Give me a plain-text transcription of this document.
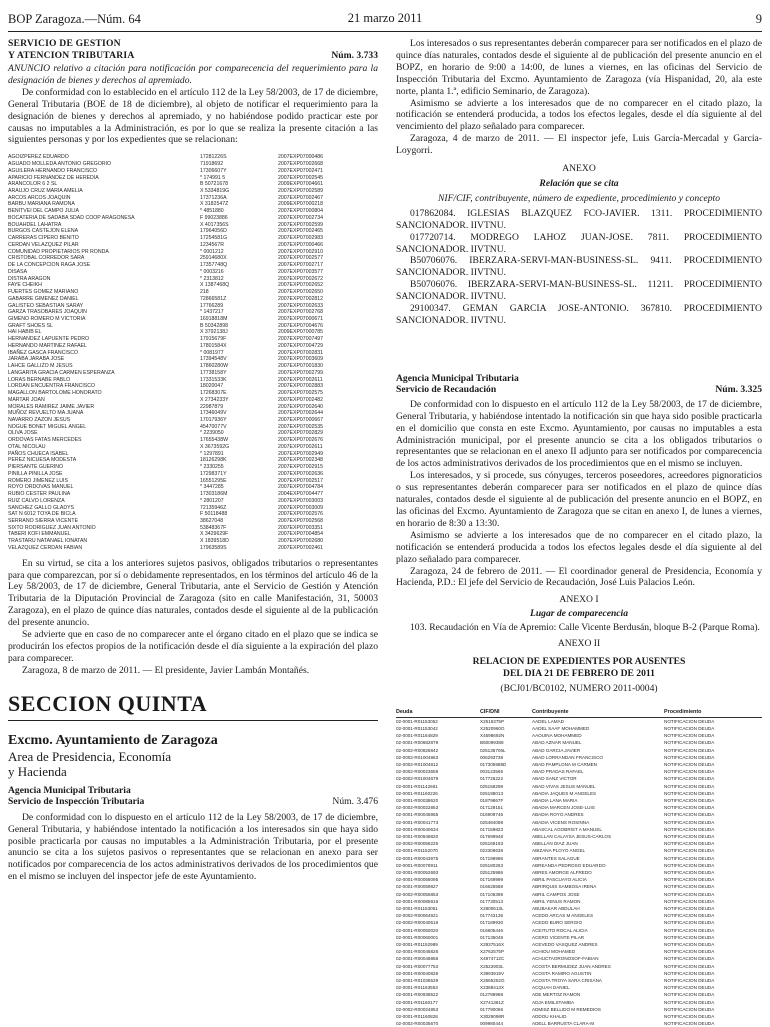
BOP Zaragoza.—Núm. 64	21 marzo 2011	9
SERVICIO DE GESTION
Y ATENCION TRIBUTARIA	Núm. 3.733

ANUNCIO relativo a citación para notificación por comparecencia del requerimiento para la designación de bienes y derechos al apremiado.

De conformidad con lo establecido en el artículo 112 de la Ley 58/2003, de 17 de diciembre, General Tributaria (BOE de 18 de diciembre), al objeto de notificar el requerimiento para la designación de bienes y derechos al apremiado, y no habiéndose podido practicar este por causas no imputables a la Administración, es por lo que se realiza la presente citación a las siguientes personas y por los expedientes que se relacionan:

AGOIZPEREZ EDUARDO	17281226S	2007EXP07000486
AGUADO MOLLEDA ANTONIO GREGORIO	71918692	2007EXP07002668
AGUILERA HERNANDO FRANCISCO	17306607Y	2007EXP07002471
APARICIO FERNANDEZ DE HEREDIA	* 174991 5	2007EXP07002545
ARANCOLOR 6 2 SL	B 50721678	2009EXP07004661
ARAUJO CRUZ MARIA AMELIA	X 5334819G	2007EXP07002589
ARCOS ARCOS JOAQUIN	17371236A	2007EXP07002467
BARBU MARIANA RAMONA	X 3182547Z	2009EXP07000218
BENITVEI DEL CAMPO JULIA	* 4851880	2007EXP07000804
BOCATERIA DE SADABA SDAD COOP ARAGONESA	F 99023886	2007EXP07002734
BOUAHDEL LAHATRA	X 4017356S	2007EXP07002599
BURGOS CASTEJON ELENA	17964056D	2007EXP07002465
CARRERAS CIPERO BENITO	17254581G	2007EXP07002983
CERDAN VELAZQUEZ PILAR	1234567R	2007EXP07000466
COMUNIDAD PROPIETARIOS PR RONDA	* 0001212	2007EXP07002910
CRISTOBAL CORREDOR SARA	25914680X	2007EXP07002577
DE LA CONCEPCION RAGA JOSE	17357748Q	2007EXP07002717
DISASA	* 0003216	2007EXP07003577
DISTRA ARAGON	* 2313812	2007EXP07002672
FAYE CHEIKH	X 1387468Q	2007EXP07002652
FUERTES GOMEZ MARIANO	218	2007EXP07002650
GABARRE GIMENEZ DANIEL	72866581Z	2007EXP07002812
GALISTEO SEBASTIAN SARAY	17766289	2007EXP07002633
GARZA TRASOBARES JOAQUIN	* 1437217	2007EXP07002768
GIMENO ROMERO M VICTORIA	16918818M	2007EXP07000671
GRAFT SHOES SL	B 50342898	2007EXP07004676
HAI HABIB EL	X 3792138J	2009EXP07000785
HERNANDEZ LAPUENTE PEDRO	17915679F	2007EXP07007497
HERNANDO MARTINEZ RAFAEL	17801584X	2007EXP07004729
IBAÑEZ GASCA FRANCISCO	* 0081977	2007EXP07002831
JARABA JARABA JOSE	17394548V	2007EXP07003609
LAHCE GALLIZO M JESUS	17860280W	2007EXP07001830
LANGARITA GRACIA CARMEN ESPERANZA	17738158Y	2007EXP07002799
LORAS BERNABE PABLO	17331533K	2007EXP07002611
LORDAN ENCUENTRA FRANCISCO	18020047	2007EXP07002883
MAGALLON BARTOLOME HONORATO	17268307E	2007EXP07002575
MARTAR JOAN	X 2734233Y	2007EXP07002482
MORALES RAMIREZ JAIME JAVIER	22987879	2007EXP07002640
MUÑOZ REVUELTO MA JUANA	17346049V	2007EXP07002644
NAVARRO ZAZON JESUS	17017936Y	2007EXP07000667
NOGUE BONET MIGUEL ANGEL	45470077V	2007EXP07002535
OLIVA JOSE	* 2239050	2007EXP07002829
ORDOVAS FATAS MERCEDES	17655438W	2007EXP07002676
OTAL NICOLAU	X 3673592G	2007EXP07002611
PAÑOS CHUECA ISABEL	* 1297891	2007EXP07002949
PEREZ NICUESA MODESTA	18126298K	2007EXP07002348
PIERSANTE GUERINO	* 2330255	2007EXP07002915
PINILLA PINILLA JOSE	17298371Y	2007EXP07002636
ROMERO JIMENEZ LUIS	16551295E	2007EXP07002517
ROYO ORDOVAS MANUEL	* 3447285	2007EXP07004784
RUBIO CESTER PAULINA	17303186M	2004EXP07004477
RUIZ CALVO LORENZA	* 2801207	2007EXP07003003
SANCHEZ GALLO GLADYS	72135946Z	2007EXP07003009
SAT N 6012 TOYA DE BICLA	F 50118488	2007EXP07002576
SERRANO SIERRA VICENTE	38627048	2007EXP07002568
SIXTO RODRIGUEZ JUAN ANTONIO	53848367F	2007EXP07003351
TABERI KOFI EMMANUEL	X 3429629F	2007EXP07004854
TRASTARU NATANAEL IONATAN	X 1839518D	2007EXP07002680
VELAZQUEZ CERDAN FABIAN	17963589S	2007EXP07002461

En su virtud, se cita a los anteriores sujetos pasivos, obligados tributarios o representantes para que comparezcan, por sí o debidamente representados, en los términos del artículo 46 de la Ley 58/2003, de 17 de diciembre, General Tributaria, ante el Servicio de Gestión y Atención Tributaria de la Diputación Provincial de Zaragoza (sito en calle Manifestación, 31, 50003 Zaragoza), en el plazo de quince días naturales, contados desde el siguiente al de la publicación del presente anuncio.

Se advierte que en caso de no comparecer ante el órgano citado en el plazo que se indica se producirán los efectos propios de la notificación desde el día siguiente a la expiración del plazo para comparecer.

Zaragoza, 8 de marzo de 2011. — El presidente, Javier Lambán Montañés.

SECCION QUINTA
Excmo. Ayuntamiento de Zaragoza
Area de Presidencia, Economía
y Hacienda
Agencia Municipal Tributaria
Servicio de Inspección Tributaria	Núm. 3.476

De conformidad con lo dispuesto en el artículo 112 de la Ley 58/2003, de 17 de diciembre, General Tributaria, y habiéndose intentado la notificación a los interesados sin que haya sido posible practicarla por causas no imputables a la Administración Tributaria, por el presente anuncio se cita a los sujetos pasivos o representantes que se relacionan en anexo para ser notificados por comparecencia de los actos administrativos derivados de los procedimientos que en el mismo se incluyen del inspector jefe de este Ayuntamiento.

Los interesados o sus representantes deberán comparecer para ser notificados en el plazo de quince días naturales, contados desde el siguiente al de publicación del presente anuncio en el BOPZ, en horario de 9:00 a 14:00, de lunes a viernes, en las oficinas del Servicio de Inspección Tributaria del Excmo. Ayuntamiento de Zaragoza (vía Hispanidad, 20, ala este norte, planta 1.ª, edificio Seminario, de Zaragoza).

Asimismo se advierte a los interesados que de no comparecer en el citado plazo, la notificación se entenderá producida, a todos los efectos legales, desde el día siguiente al del vencimiento del plazo señalado para comparecer.

Zaragoza, 4 de marzo de 2011. — El inspector jefe, Luis García-Mercadal y García-Loygorri.

ANEXO

Relación que se cita

NIF/CIF, contribuyente, número de expediente, procedimiento y concepto

017862084. IGLESIAS BLAZQUEZ FCO-JAVIER. 1311. PROCEDIMIENTO SANCIONADOR. IIVTNU.

017720714. MODREGO LAHOZ JUAN-JOSE. 7811. PROCEDIMIENTO SANCIONADOR. IIVTNU.

B50706076. IBERZARA-SERVI-MAN-BUSINESS-SL. 9411. PROCEDIMIENTO SANCIONADOR. IIVTNU.

B50706076. IBERZARA-SERVI-MAN-BUSINESS-SL. 11211. PROCEDIMIENTO SANCIONADOR. IIVTNU.

29100347. GEMAN GARCIA JOSE-ANTONIO. 367810. PROCEDIMIENTO SANCIONADOR. IIVTNU.

Agencia Municipal Tributaria
Servicio de Recaudación	Núm. 3.325

De conformidad con lo dispuesto en el artículo 112 de la Ley 58/2003, de 17 de diciembre, General Tributaria, y habiéndose intentado la notificación sin que haya sido posible practicarla en el domicilio que consta en este Excmo. Ayuntamiento, por causas no imputables a esta Administración municipal, por el presente anuncio se cita a los obligados tributarios o representantes que se relacionan en el anexo II adjunto para ser notificados por comparecencia de los actos administrativos derivados de los procedimientos que en el mismo se incluyen.

Los interesados, y si procede, sus cónyuges, terceros poseedores, acreedores pignoraticios o sus representantes deberán comparecer para ser notificados en el plazo de quince días naturales, contados desde el siguiente al de publicación del presente anuncio en el BOPZ, en las oficinas del Excmo. Ayuntamiento de Zaragoza que se citan en anexo I, de lunes a viernes, en horario de 8:30 a 13:30.

Asimismo se advierte a los interesados que de no comparecer en el citado plazo, la notificación se entenderá producida a todos los efectos legales desde el día siguiente al del plazo señalado para comparecer.

Zaragoza, 24 de febrero de 2011. — El coordinador general de Presidencia, Economía y Hacienda, P.D.: El jefe del Servicio de Recaudación, José Luis Palacios León.

ANEXO I

Lugar de comparecencia

103. Recaudación en Vía de Apremio: Calle Vicente Berdusán, bloque B-2 (Parque Roma).

ANEXO II

RELACION DE EXPEDIENTES POR AUSENTES

DEL DIA 21 DE FEBRERO DE 2011

(BCJ01/BC0102, NUMERO 2011-0004)

Deuda	CIF/DNI	Contribuyente	Procedimiento
02-0001-R01153052	X2516375P	AADEL LAMAD	NOTIFICACION DEUDA
02-0001-R01153042	X2520960G	AADEL SAAF MOHAMMED	NOTIFICACION DEUDA
02-0001-R01164829	X4598692N	AAOUINA MOHAMMED	NOTIFICACION DEUDA
02-0001-R00682879	B50099388	ABAD AZNAR MANUEL	NOTIFICACION DEUDA
02-0002-R00826842	025135706L	ABAD GARCIA JAVIER	NOTIFICACION DEUDA
02-0002-R01004863	006293738	ABAD LORRANDAN FRANCISCO	NOTIFICACION DEUDA
02-0002-R01004812	017305988D	ABAD PAMPLONA M CARMEN	NOTIFICACION DEUDA
02-0002-R00023659	003123565	ABAD PRADAS RAFAEL	NOTIFICACION DEUDA
02-0002-R01004679	017726222	ABAD SANZ VICTOR	NOTIFICACION DEUDA
02-0001-R01142661	025158298	ABAD VIVAS JESUS MANUEL	NOTIFICACION DEUDA
02-0001-R01160226	025198013	ABADIA JAQUES M ANGELES	NOTIFICACION DEUDA
02-0001-R00038620	01879867F	ABADIA LANA MARIA	NOTIFICACION DEUDA
02-0002-R00022863	017129151	ABADIA MARCEN JOSE-LUIS	NOTIFICACION DEUDA
02-0001-R00045865	016909746	ABADIA ROYO ANDRES	NOTIFICACION DEUDA
02-0001-R00041773	025484098	ABADIA VICENS ROSINNA	NOTIFICACION DEUDA
02-0001-R00040634	017159823	ABASCAL AGOBRIST A MANUEL	NOTIFICACION DEUDA
02-0001-R00948820	017699948	ABELLAN CALAYSA JESUS-CARLOS	NOTIFICACION DEUDA
02-0002-R00058225	025169193	ABELLAN DIAZ JUAN	NOTIFICACION DEUDA
02-0001-R01152070	022306638	ABIZANA PLOYO ANGEL	NOTIFICACION DEUDA
02-0001-R00043975	017198986	ABRANTES SALAGUE	NOTIFICACION DEUDA
02-0001-R00078911	025180263	ABREANDA PEDROSO EDUARDO	NOTIFICACION DEUDA
02-0001-R00052693	025125986	ABRES AMORGE ALFREDO	NOTIFICACION DEUDA
02-0001-R00058095	017169999	ABRIL PASCUAYO ALICIA	NOTIFICACION DEUDA
02-0001-R00059827	016625588	ABRIRQUIS SAMBOSA IRENA	NOTIFICACION DEUDA
02-0002-R00055853	017106398	ABRIL CAMPOS JOSE	NOTIFICACION DEUDA
02-0001-R00085916	017730513	ABRIL YENUS RAMON	NOTIFICACION DEUDA
02-0001-R01153051	X2800513L	ABUBAKAR ABDULAH	NOTIFICACION DEUDA
02-0002-R00064921	017743136	ACEDO ARCAS M ANGELES	NOTIFICACION DEUDA
02-0002-R00040516	017189930	ACEDO BURO SERGIO	NOTIFICACION DEUDA
02-0001-R00050020	016605446	ACEITUTO ROCAL ALICIA	NOTIFICACION DEUDA
02-0001-R00060001	017135048	ACERO VICENTE PILAR	NOTIFICACION DEUDA
02-0001-R01152989	X2937516X	ACEVEDO VASQUEZ ANDRES	NOTIFICACION DEUDA
02-0001-R00046826	X2762575P	ACHIOU MOHAMED	NOTIFICACION DEUDA
02-0001-R00046866	X4974712C	ACHUCTAORONOSOF-FABIAN	NOTIFICACION DEUDA
02-0001-R00077753	X2522903L	ACOSTA BERMUDEZ JUAN ANDRES	NOTIFICACION DEUDA
02-0001-R00040828	X3993919V	ACOSTA RAMIRO AGUSTIN	NOTIFICACION DEUDA
02-0001-R01036529	X2565252G	ACOSTA TROYA SARA CRISANA	NOTIFICACION DEUDA
02-0001-R01163553	X2388413X	ACQUAH DANIEL	NOTIFICACION DEUDA
02-0001-R00938522	012788988	ADE MERTOZ RAMON	NOTIFICACION DEUDA
02-0001-R01160177	X2741361Z	ADJA EMILSTAMBA	NOTIFICACION DEUDA
02-0002-R00024853	017790066	ADMISZ BELLIDO M REMEDIOS	NOTIFICACION DEUDA
02-0001-R01160828	X3029098R	ADDOU KHALID	NOTIFICACION DEUDA
02-0002-R00035670	009980444	ADELL BARRUSTA CLARA-M	NOTIFICACION DEUDA
